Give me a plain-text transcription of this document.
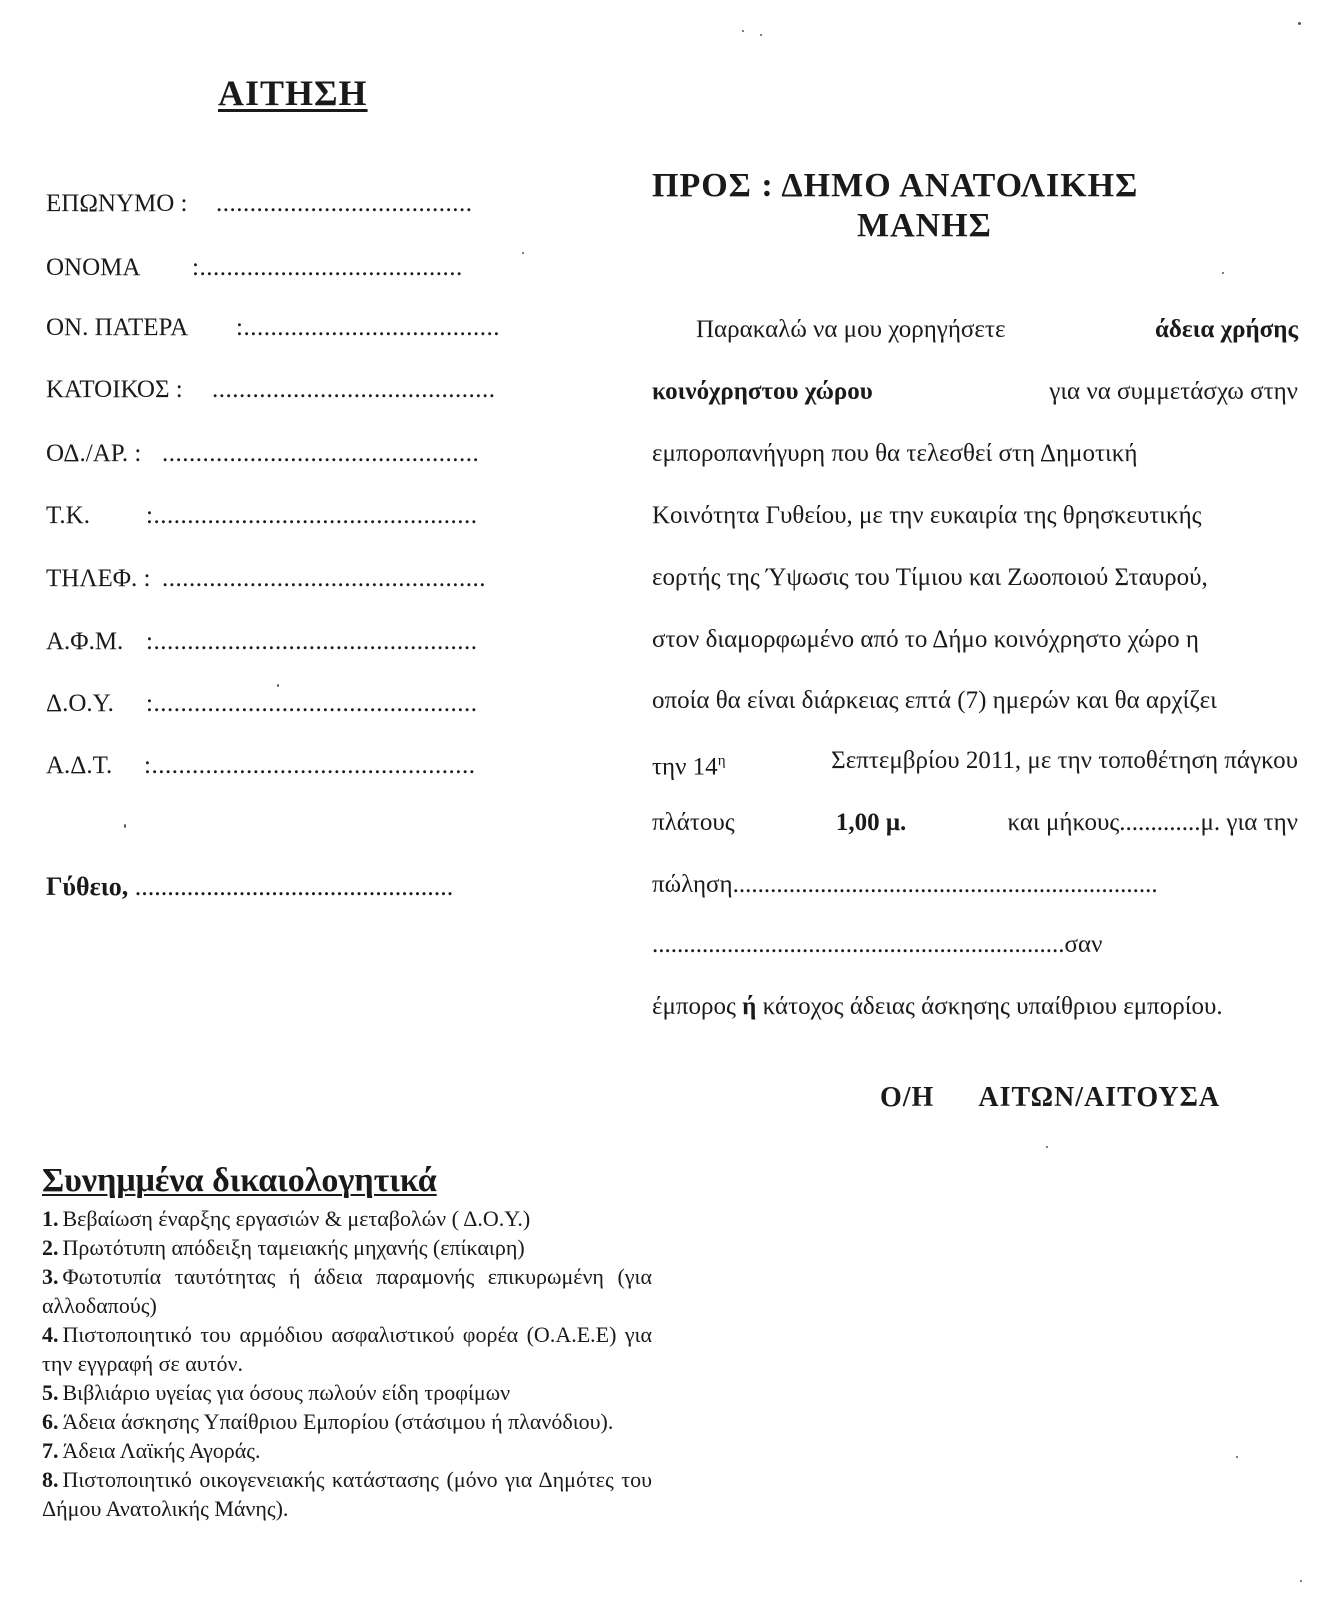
ΑΙΤΗΣΗ
ΕΠΩΝΥΜΟ : ......................................
ΟΝΟΜΑ :.......................................
ΟΝ. ΠΑΤΕΡΑ :......................................
ΚΑΤΟΙΚΟΣ : ..........................................
ΟΔ./ΑΡ. : ...............................................
Τ.Κ. :................................................
ΤΗΛΕΦ. : ................................................
Α.Φ.Μ. :................................................
Δ.Ο.Υ. :................................................
Α.Δ.Τ. :................................................
Γύθειο, .................................................
ΠΡΟΣ : ΔΗΜΟ ΑΝΑΤΟΛΙΚΗΣ
ΜΑΝΗΣ
Παρακαλώ να μου χορηγήσετε	άδεια χρήσης
κοινόχρηστου χώρου	για να συμμετάσχω στην
εμποροπανήγυρη που θα τελεσθεί στη Δημοτική
Κοινότητα Γυθείου, με την ευκαιρία της θρησκευτικής
εορτής της Ύψωσις του Τίμιου και Ζωοποιού Σταυρού,
στον διαμορφωμένο από το Δήμο κοινόχρηστο χώρο η
οποία θα είναι διάρκειας επτά (7) ημερών και θα αρχίζει
την $14^\eta$	Σεπτεμβρίου 2011, με την τοποθέτηση πάγκου
πλάτους	1,00 μ.	και μήκους.............μ. για την
πώληση....................................................................
..................................................................σαν
έμπορος ή κάτοχος άδειας άσκησης υπαίθριου εμπορίου.
Ο/Η ΑΙΤΩΝ/ΑΙΤΟΥΣΑ
Συνημμένα δικαιολογητικά
1. Βεβαίωση έναρξης εργασιών & μεταβολών ( Δ.Ο.Υ.)
2. Πρωτότυπη απόδειξη ταμειακής μηχανής (επίκαιρη)
3. Φωτοτυπία ταυτότητας ή άδεια παραμονής επικυρωμένη (για αλλοδαπούς)
4. Πιστοποιητικό του αρμόδιου ασφαλιστικού φορέα (Ο.Α.Ε.Ε) για την εγγραφή σε αυτόν.
5. Βιβλιάριο υγείας για όσους πωλούν είδη τροφίμων
6. Άδεια άσκησης Υπαίθριου Εμπορίου (στάσιμου ή πλανόδιου).
7. Άδεια Λαϊκής Αγοράς.
8. Πιστοποιητικό οικογενειακής κατάστασης (μόνο για Δημότες του Δήμου Ανατολικής Μάνης).
